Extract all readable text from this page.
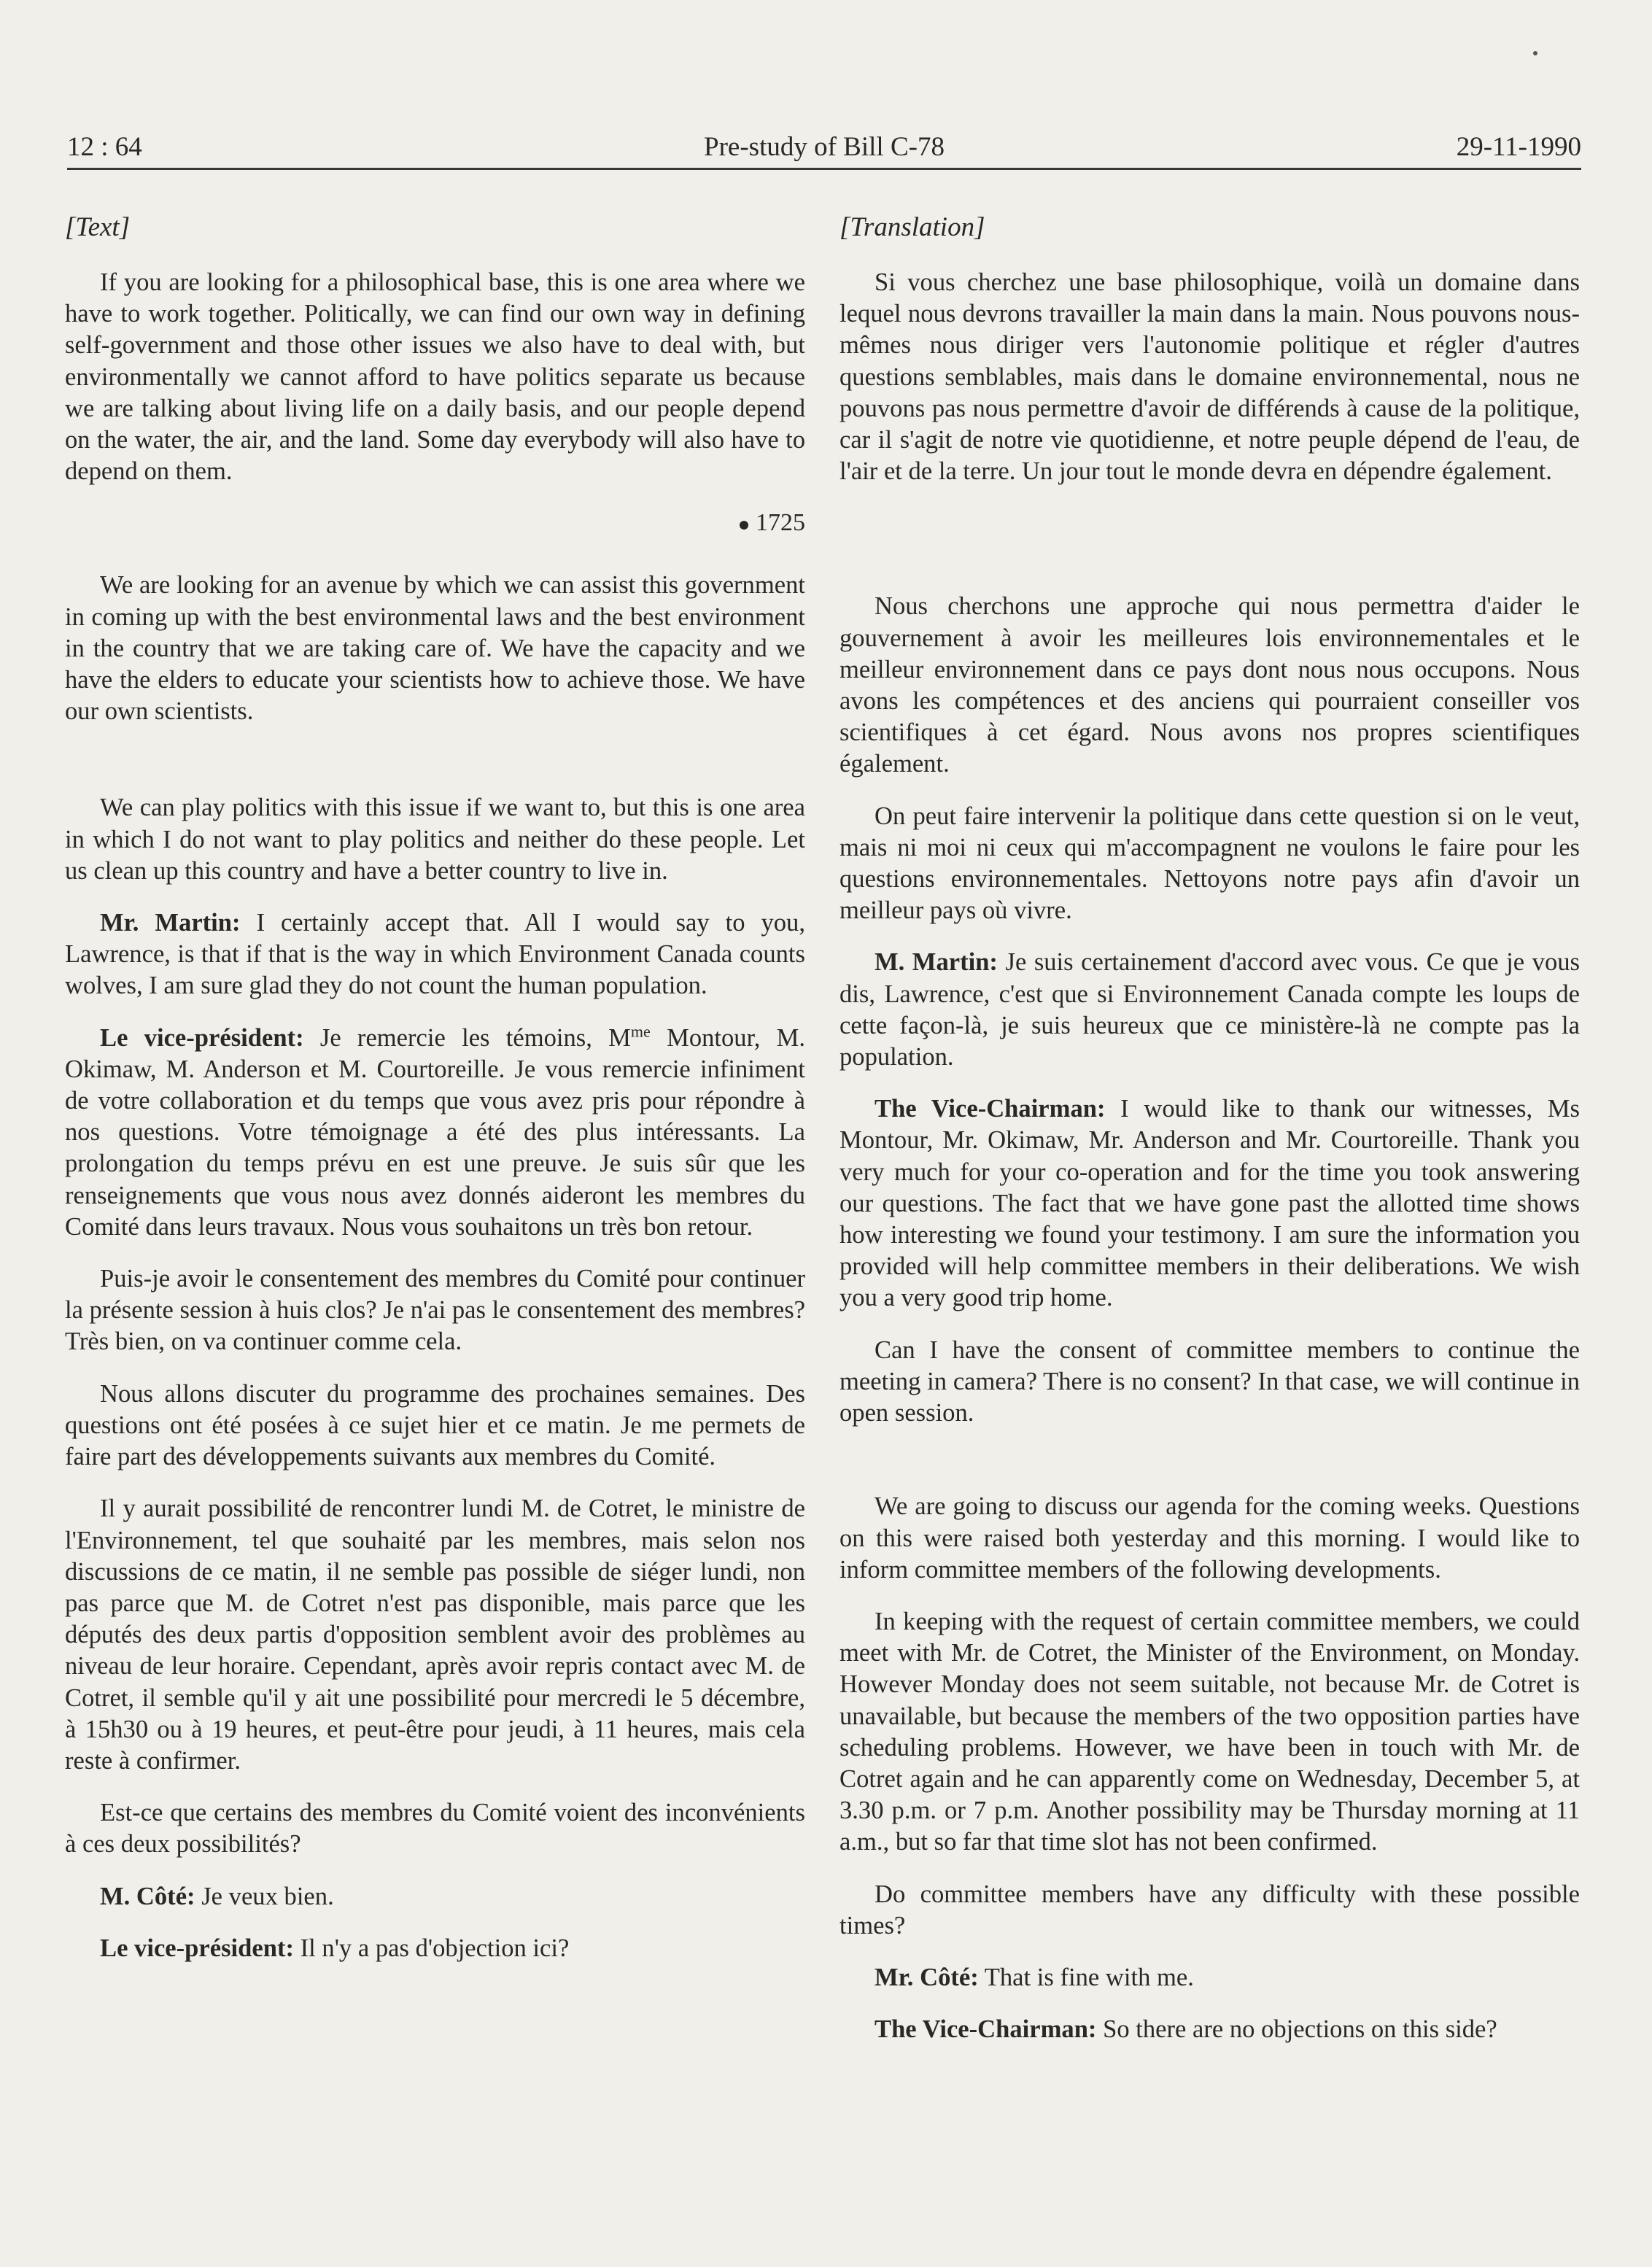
Pre-study of Bill C-78
12 : 64	29-11-1990
[Text]

If you are looking for a philosophical base, this is one area where we have to work together. Politically, we can find our own way in defining self-government and those other issues we also have to deal with, but environmentally we cannot afford to have politics separate us because we are talking about living life on a daily basis, and our people depend on the water, the air, and the land. Some day everybody will also have to depend on them.

1725

We are looking for an avenue by which we can assist this government in coming up with the best environmental laws and the best environment in the country that we are taking care of. We have the capacity and we have the elders to educate your scientists how to achieve those. We have our own scientists.

We can play politics with this issue if we want to, but this is one area in which I do not want to play politics and neither do these people. Let us clean up this country and have a better country to live in.

Mr. Martin: I certainly accept that. All I would say to you, Lawrence, is that if that is the way in which Environment Canada counts wolves, I am sure glad they do not count the human population.

Le vice-président: Je remercie les témoins, $M^{me}$ Montour, M. Okimaw, M. Anderson et M. Courtoreille. Je vous remercie infiniment de votre collaboration et du temps que vous avez pris pour répondre à nos questions. Votre témoignage a été des plus intéressants. La prolongation du temps prévu en est une preuve. Je suis sûr que les renseignements que vous nous avez donnés aideront les membres du Comité dans leurs travaux. Nous vous souhaitons un très bon retour.

Puis-je avoir le consentement des membres du Comité pour continuer la présente session à huis clos? Je n'ai pas le consentement des membres? Très bien, on va continuer comme cela.

Nous allons discuter du programme des prochaines semaines. Des questions ont été posées à ce sujet hier et ce matin. Je me permets de faire part des développements suivants aux membres du Comité.

Il y aurait possibilité de rencontrer lundi M. de Cotret, le ministre de l'Environnement, tel que souhaité par les membres, mais selon nos discussions de ce matin, il ne semble pas possible de siéger lundi, non pas parce que M. de Cotret n'est pas disponible, mais parce que les députés des deux partis d'opposition semblent avoir des problèmes au niveau de leur horaire. Cependant, après avoir repris contact avec M. de Cotret, il semble qu'il y ait une possibilité pour mercredi le 5 décembre, à 15h30 ou à 19 heures, et peut-être pour jeudi, à 11 heures, mais cela reste à confirmer.

Est-ce que certains des membres du Comité voient des inconvénients à ces deux possibilités?

M. Côté: Je veux bien.

Le vice-président: Il n'y a pas d'objection ici?

[Translation]

Si vous cherchez une base philosophique, voilà un domaine dans lequel nous devrons travailler la main dans la main. Nous pouvons nous-mêmes nous diriger vers l'autonomie politique et régler d'autres questions semblables, mais dans le domaine environnemental, nous ne pouvons pas nous permettre d'avoir de différends à cause de la politique, car il s'agit de notre vie quotidienne, et notre peuple dépend de l'eau, de l'air et de la terre. Un jour tout le monde devra en dépendre également.

Nous cherchons une approche qui nous permettra d'aider le gouvernement à avoir les meilleures lois environnementales et le meilleur environnement dans ce pays dont nous nous occupons. Nous avons les compétences et des anciens qui pourraient conseiller vos scientifiques à cet égard. Nous avons nos propres scientifiques également.

On peut faire intervenir la politique dans cette question si on le veut, mais ni moi ni ceux qui m'accompagnent ne voulons le faire pour les questions environnementales. Nettoyons notre pays afin d'avoir un meilleur pays où vivre.

M. Martin: Je suis certainement d'accord avec vous. Ce que je vous dis, Lawrence, c'est que si Environnement Canada compte les loups de cette façon-là, je suis heureux que ce ministère-là ne compte pas la population.

The Vice-Chairman: I would like to thank our witnesses, Ms Montour, Mr. Okimaw, Mr. Anderson and Mr. Courtoreille. Thank you very much for your co-operation and for the time you took answering our questions. The fact that we have gone past the allotted time shows how interesting we found your testimony. I am sure the information you provided will help committee members in their deliberations. We wish you a very good trip home.

Can I have the consent of committee members to continue the meeting in camera? There is no consent? In that case, we will continue in open session.

We are going to discuss our agenda for the coming weeks. Questions on this were raised both yesterday and this morning. I would like to inform committee members of the following developments.

In keeping with the request of certain committee members, we could meet with Mr. de Cotret, the Minister of the Environment, on Monday. However Monday does not seem suitable, not because Mr. de Cotret is unavailable, but because the members of the two opposition parties have scheduling problems. However, we have been in touch with Mr. de Cotret again and he can apparently come on Wednesday, December 5, at 3.30 p.m. or 7 p.m. Another possibility may be Thursday morning at 11 a.m., but so far that time slot has not been confirmed.

Do committee members have any difficulty with these possible times?

Mr. Côté: That is fine with me.

The Vice-Chairman: So there are no objections on this side?
